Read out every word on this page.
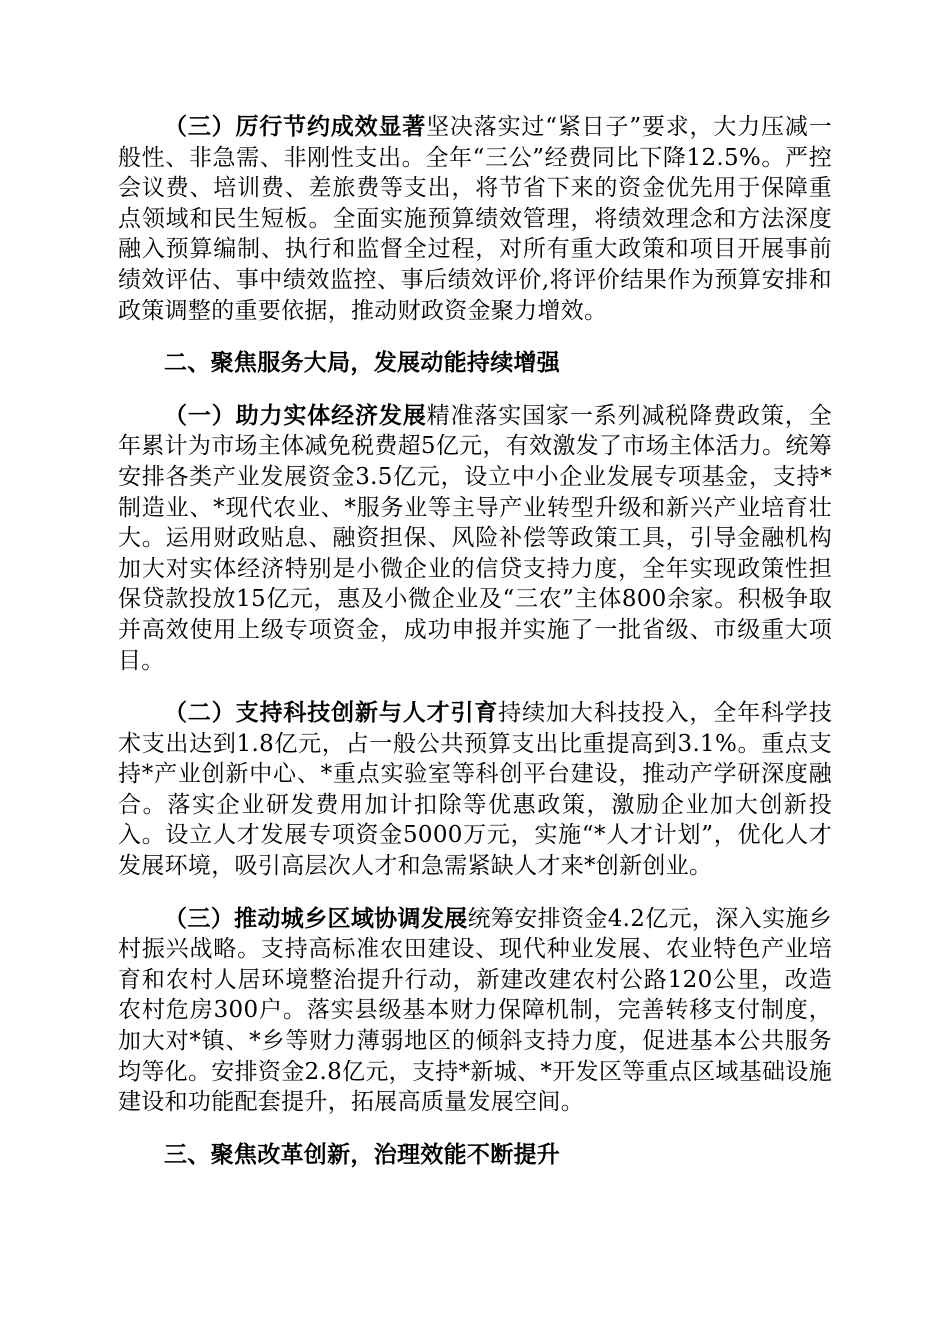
（三）厉行节约成效显著坚决落实过“紧日子”要求，大力压减一般性、非急需、非刚性支出。全年“三公”经费同比下降12.5%。严控会议费、培训费、差旅费等支出，将节省下来的资金优先用于保障重点领域和民生短板。全面实施预算绩效管理，将绩效理念和方法深度融入预算编制、执行和监督全过程，对所有重大政策和项目开展事前绩效评估、事中绩效监控、事后绩效评价,将评价结果作为预算安排和政策调整的重要依据，推动财政资金聚力增效。

二、聚焦服务大局，发展动能持续增强

（一）助力实体经济发展精准落实国家一系列减税降费政策，全年累计为市场主体减免税费超5亿元，有效激发了市场主体活力。统筹安排各类产业发展资金3.5亿元，设立中小企业发展专项基金，支持*制造业、*现代农业、*服务业等主导产业转型升级和新兴产业培育壮大。运用财政贴息、融资担保、风险补偿等政策工具，引导金融机构加大对实体经济特别是小微企业的信贷支持力度，全年实现政策性担保贷款投放15亿元，惠及小微企业及“三农”主体800余家。积极争取并高效使用上级专项资金，成功申报并实施了一批省级、市级重大项目。

（二）支持科技创新与人才引育持续加大科技投入，全年科学技术支出达到1.8亿元，占一般公共预算支出比重提高到3.1%。重点支持*产业创新中心、*重点实验室等科创平台建设，推动产学研深度融合。落实企业研发费用加计扣除等优惠政策，激励企业加大创新投入。设立人才发展专项资金5000万元，实施“*人才计划”，优化人才发展环境，吸引高层次人才和急需紧缺人才来*创新创业。

（三）推动城乡区域协调发展统筹安排资金4.2亿元，深入实施乡村振兴战略。支持高标准农田建设、现代种业发展、农业特色产业培育和农村人居环境整治提升行动，新建改建农村公路120公里，改造农村危房300户。落实县级基本财力保障机制，完善转移支付制度，加大对*镇、*乡等财力薄弱地区的倾斜支持力度，促进基本公共服务均等化。安排资金2.8亿元，支持*新城、*开发区等重点区域基础设施建设和功能配套提升，拓展高质量发展空间。

三、聚焦改革创新，治理效能不断提升
